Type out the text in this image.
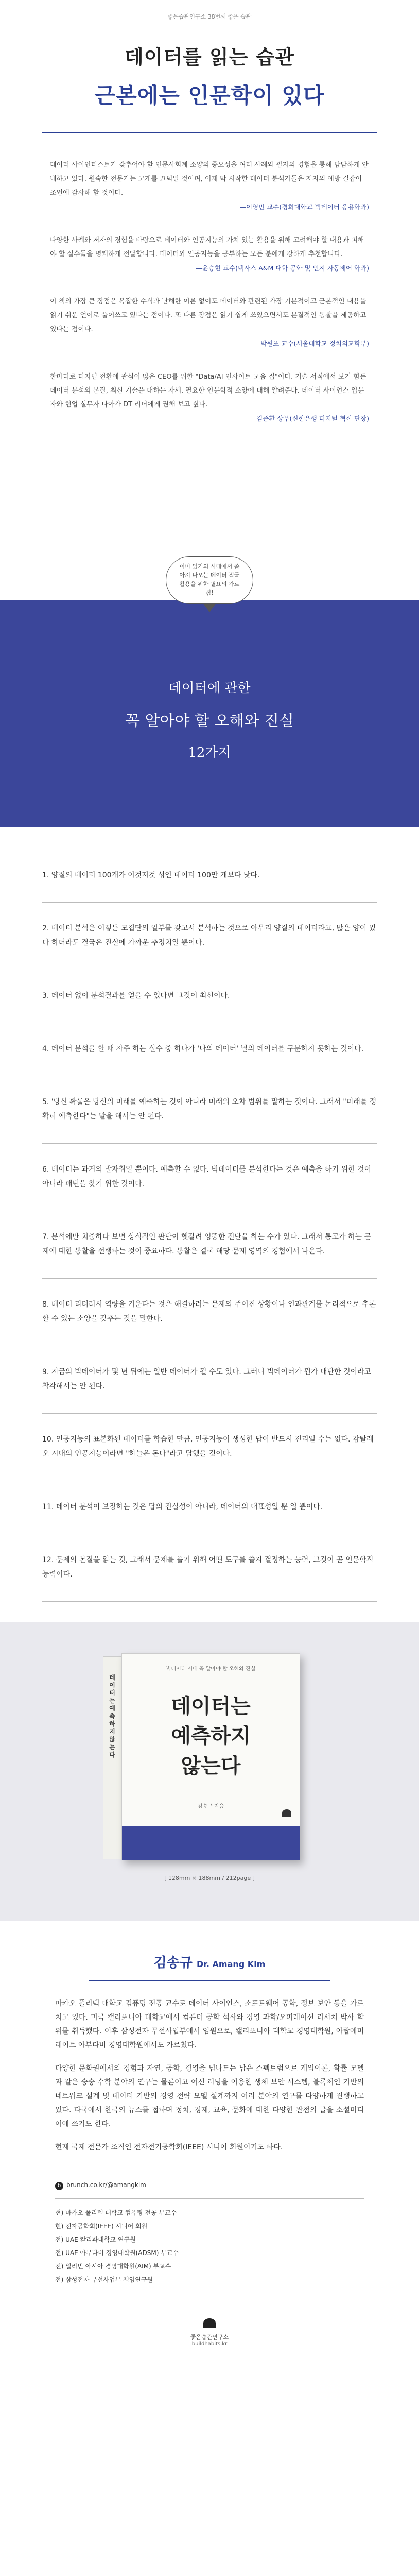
좋은습관연구소 38번째 좋은 습관
데이터를 읽는 습관
근본에는 인문학이 있다
데이터 사이언티스트가 갖추어야 할 인문사회계 소양의 중요성을 여러 사례와 필자의 경험을 통해 담담하게 안내하고 있다. 원숙한 전문가는 고개를 끄덕일 것이며, 이제 막 시작한 데이터 분석가들은 저자의 예방 길잡이 조언에 감사해 할 것이다.
—이영민 교수(경희대학교 빅데이터 응용학과)
다양한 사례와 저자의 경험을 바탕으로 데이터와 인공지능의 가치 있는 활용을 위해 고려해야 할 내용과 피해야 할 실수들을 명쾌하게 전달합니다. 데이터와 인공지능을 공부하는 모든 분에게 강하게 추천합니다.
—윤승현 교수(텍사스 A&M 대학 공학 및 인지 자동제어 학과)
이 책의 가장 큰 장점은 복잡한 수식과 난해한 이론 없이도 데이터와 관련된 가장 기본적이고 근본적인 내용을 읽기 쉬운 언어로 풀어쓰고 있다는 점이다. 또 다른 장점은 읽기 쉽게 쓰였으면서도 본질적인 통찰을 제공하고 있다는 점이다.
—박원표 교수(서울대학교 정치외교학부)
한마디로 디지털 전환에 관심이 많은 CEO를 위한 "Data/AI 인사이트 모음 집"이다. 기술 서적에서 보기 힘든 데이터 분석의 본질, 최신 기술을 대하는 자세, 필요한 인문학적 소양에 대해 알려준다. 데이터 사이언스 입문자와 현업 실무자 나아가 DT 리더에게 권해 보고 싶다.
—김준환 상무(신한은행 디지털 혁신 단장)
이미 읽기의 시대에서 쏟
아져 나오는 데이터 적극
활용을 위한 필요의 가르
침!
데이터에 관한
꼭 알아야 할 오해와 진실
12가지
1. 양질의 데이터 100개가 이것저것 섞인 데이터 100만 개보다 낫다.
2. 데이터 분석은 어떻든 모집단의 일부를 갖고서 분석하는 것으로 아무리 양질의 데이터라고, 많은 양이 있다 하더라도 결국은 진실에 가까운 추정치일 뿐이다.
3. 데이터 없이 분석결과를 얻을 수 있다면 그것이 최선이다.
4. 데이터 분석을 할 때 자주 하는 실수 중 하나가 '나의 데이터' 널의 데이터를 구분하지 못하는 것이다.
5. '당신 확률은 당신의 미래를 예측하는 것이 아니라 미래의 오차 범위를 말하는 것이다. 그래서 "미래를 정확히 예측한다"는 말을 해서는 안 된다.
6. 데이터는 과거의 발자취일 뿐이다. 예측할 수 없다. 빅데이터를 분석한다는 것은 예측을 하기 위한 것이 아니라 패턴을 찾기 위한 것이다.
7. 분석에만 치중하다 보면 상식적인 판단이 헷갈려 엉뚱한 진단을 하는 수가 있다. 그래서 통고가 하는 문제에 대한 통찰을 선행하는 것이 중요하다. 통찰은 결국 해당 문제 영역의 경험에서 나온다.
8. 데이터 리터러시 역량을 키운다는 것은 해결하려는 문제의 주어진 상황이나 인과관계를 논리적으로 추론할 수 있는 소양을 갖추는 것을 말한다.
9. 지금의 빅데이터가 몇 년 뒤에는 일반 데이터가 될 수도 있다. 그러니 빅데이터가 뭔가 대단한 것이라고 착각해서는 안 된다.
10. 인공지능의 표본화된 데이터를 학습한 만큼, 인공지능이 생성한 답이 반드시 진리일 수는 없다. 감탈레오 시대의 인공지능이라면 "하늘은 돈다"라고 답했을 것이다.
11. 데이터 분석이 보장하는 것은 답의 진실성이 아니라, 데이터의 대표성일 뿐 일 뿐이다.
12. 문제의 본질을 읽는 것, 그래서 문제를 풀기 위해 어떤 도구를 쓸지 결정하는 능력, 그것이 곧 인문학적 능력이다.
데이터는 예측하지 않는다
빅데이터 시대 꼭 알아야 할 오해와 진실
데이터는
예측하지
않는다
김송규 지음
[ 128mm × 188mm / 212page ]
김송규 Dr. Amang Kim

마카오 폴리텍 대학교 컴퓨팅 전공 교수로 데이터 사이언스, 소프트웨어 공학, 정보 보안 등을 가르치고 있다. 미국 캘리포니아 대학교에서 컴퓨터 공학 석사와 경영 과학/오퍼레이션 리서치 박사 학위를 취득했다. 이후 삼성전자 무선사업부에서 임원으로, 캘리포니아 대학교 경영대학원, 아랍에미레이트 아부다비 경영대학원에서도 가르쳤다.

다양한 문화권에서의 경험과 자연, 공학, 경영을 넘나드는 남은 스펙트럼으로 게임이론, 확률 모델과 같은 숭숭 수학 분야의 연구는 물론이고 여신 러닝을 이용한 생체 보안 시스템, 블록체인 기반의 네트워크 설계 및 데이터 기반의 경영 전략 모델 설계까지 여러 분야의 연구를 다양하게 진행하고 있다. 타국에서 한국의 뉴스를 접하며 정치, 경제, 교육, 문화에 대한 다양한 관점의 글을 소셜미디어에 쓰기도 한다.

현재 국제 전문가 조직인 전자전기공학회(IEEE) 시니어 회원이기도 하다.

b brunch.co.kr/@amangkim
현) 마카오 폴리텍 대학교 컴퓨팅 전공 부교수
현) 전자공학회(IEEE) 시니어 회원
전) UAE 칼리파대학교 연구원
전) UAE 아부다비 경영대학원(ADSM) 부교수
전) 일리빈 아시아 경영대학원(AIM) 부교수
전) 삼성전자 무선사업부 책임연구원
좋은습관연구소
buildhabits.kr
